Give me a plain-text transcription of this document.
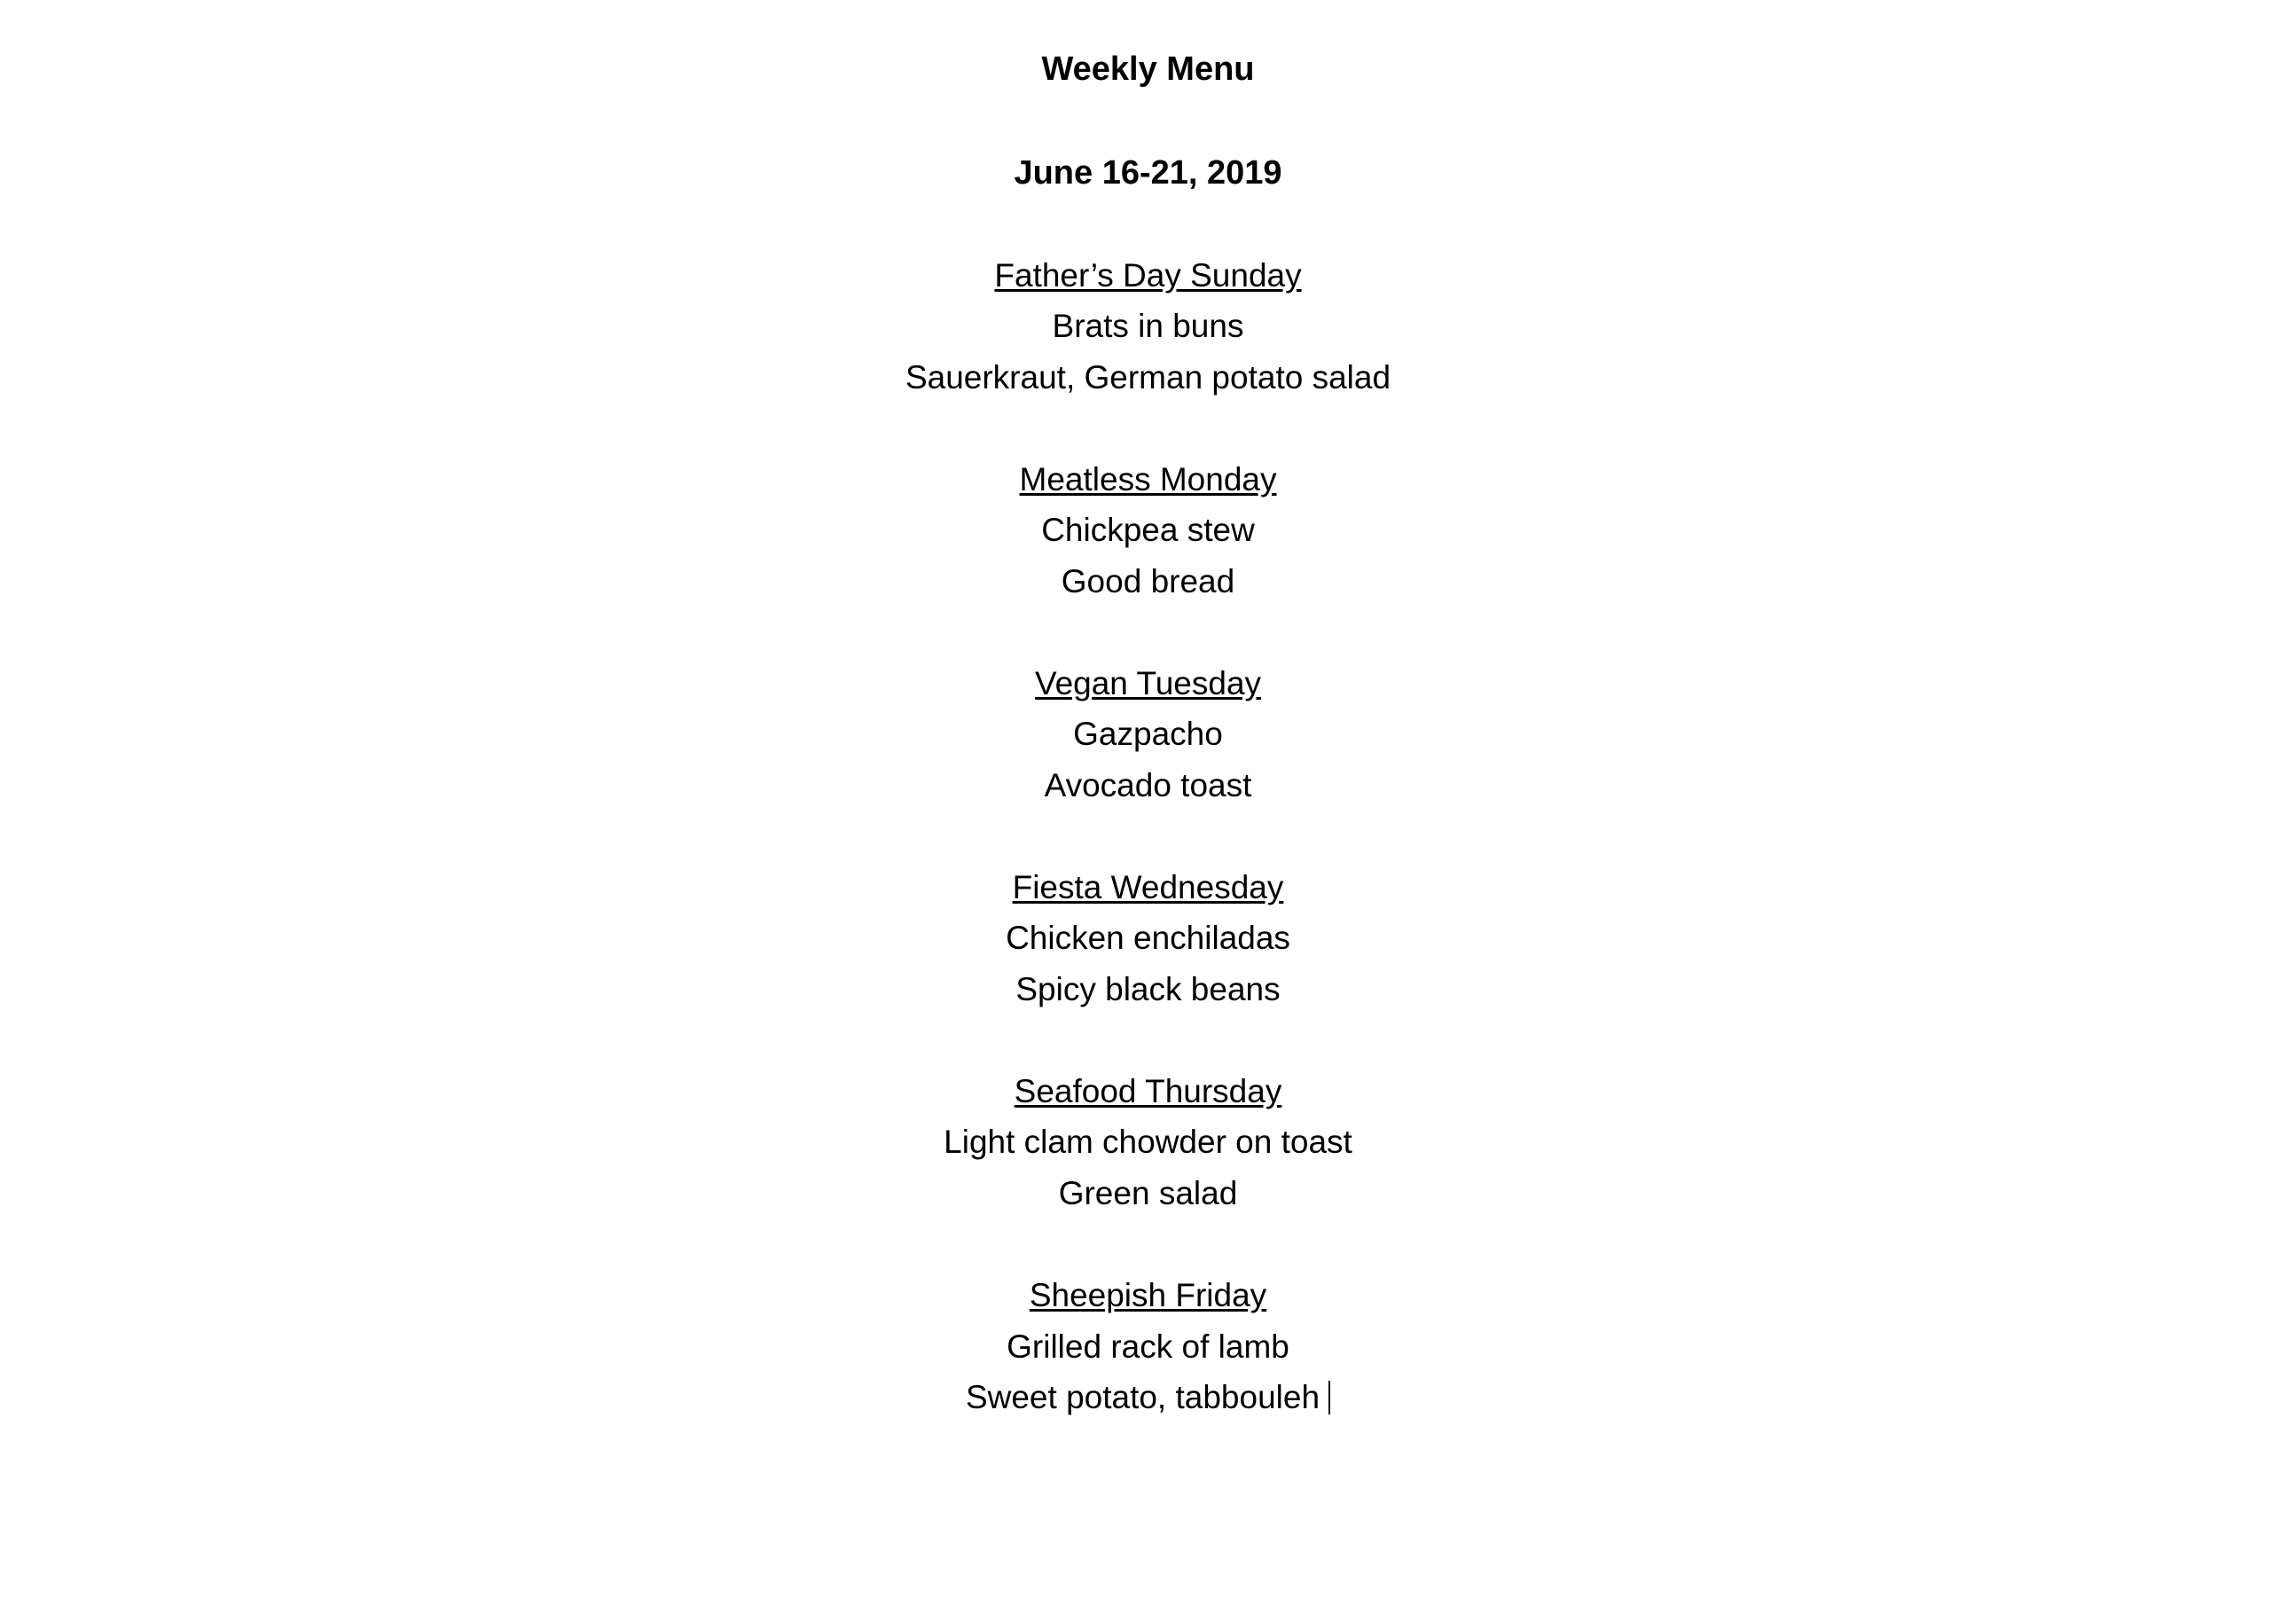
Weekly Menu
June 16-21, 2019

Father’s Day Sunday

Brats in buns

Sauerkraut, German potato salad

Meatless Monday

Chickpea stew

Good bread

Vegan Tuesday

Gazpacho

Avocado toast

Fiesta Wednesday

Chicken enchiladas

Spicy black beans

Seafood Thursday

Light clam chowder on toast

Green salad

Sheepish Friday

Grilled rack of lamb

Sweet potato, tabbouleh
